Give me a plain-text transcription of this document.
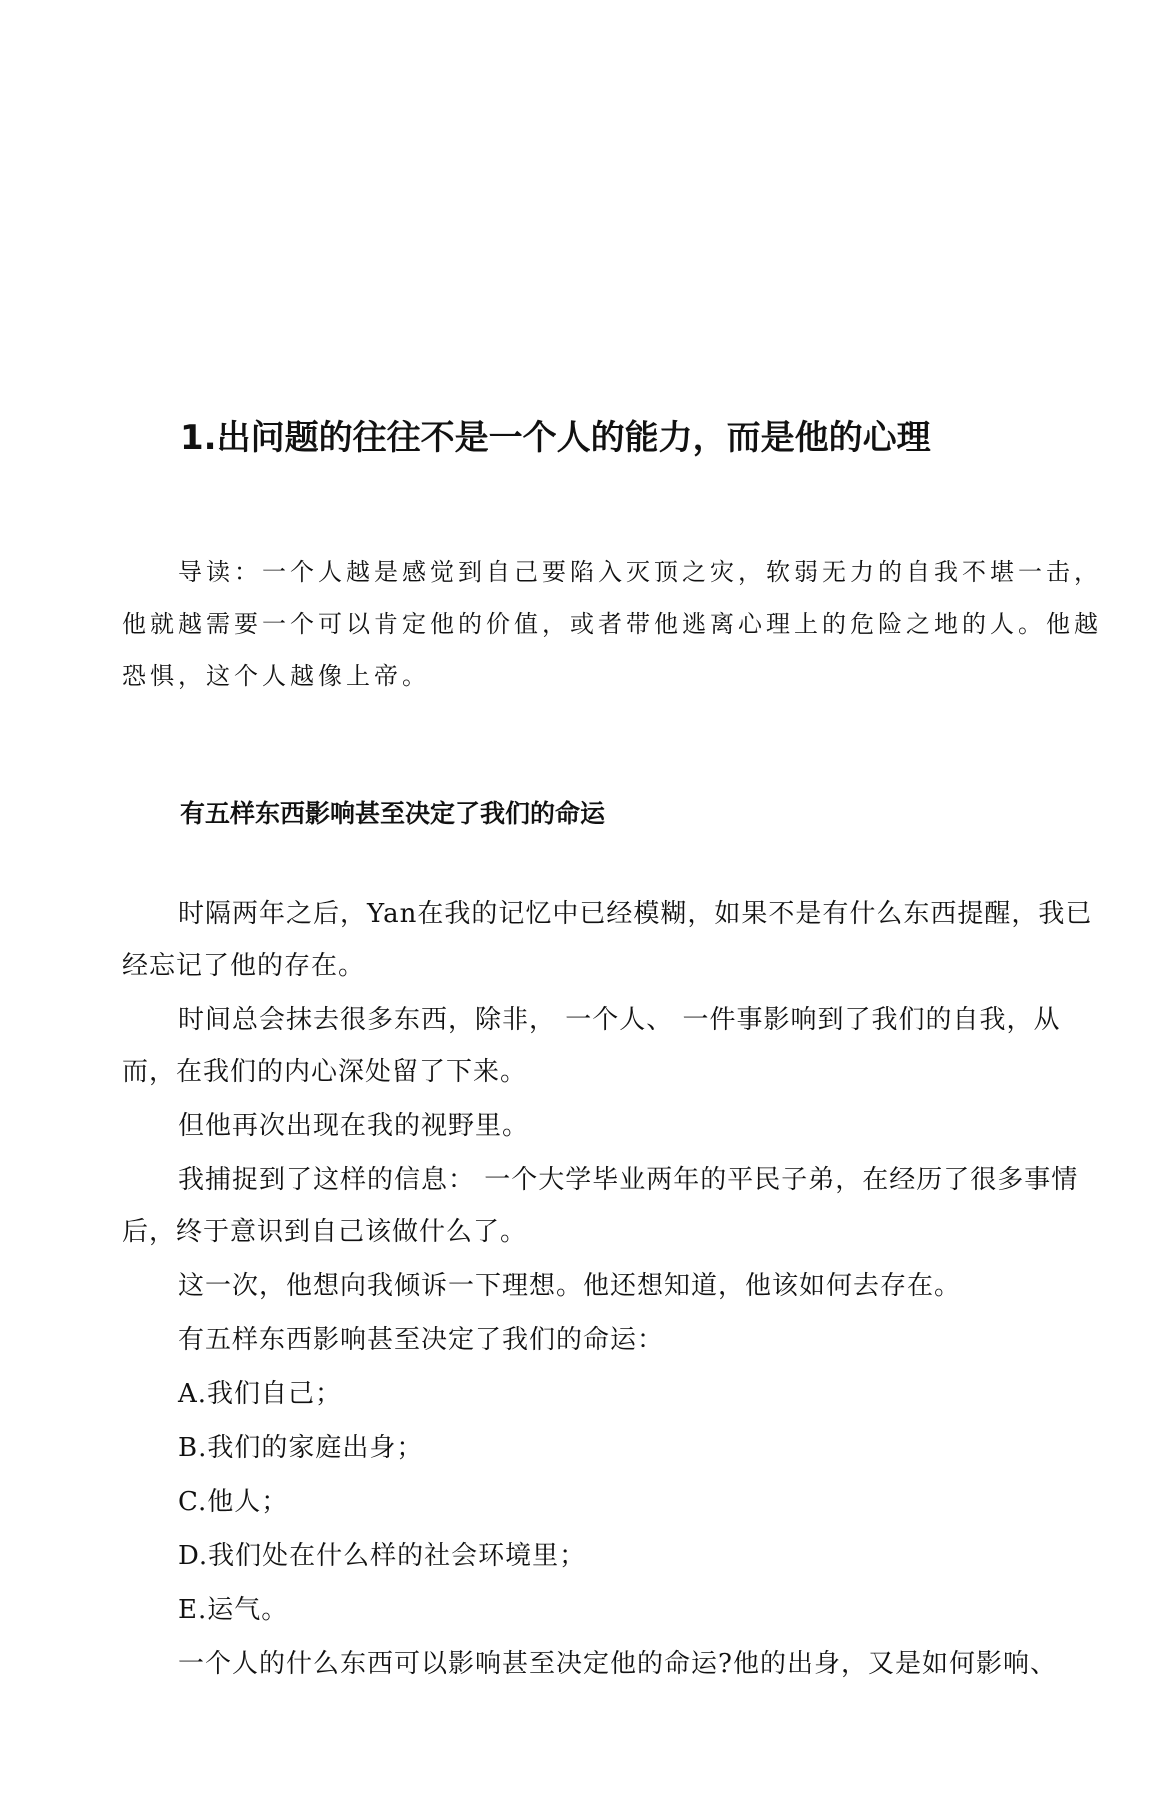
1.出问题的往往不是一个人的能力，而是他的心理

导读：一个人越是感觉到自己要陷入灭顶之灾，软弱无力的自我不堪一击，他就越需要一个可以肯定他的价值，或者带他逃离心理上的危险之地的人。他越恐惧，这个人越像上帝。

有五样东西影响甚至决定了我们的命运

时隔两年之后，Yan在我的记忆中已经模糊，如果不是有什么东西提醒，我已经忘记了他的存在。

时间总会抹去很多东西，除非， 一个人、 一件事影响到了我们的自我，从而，在我们的内心深处留了下来。

但他再次出现在我的视野里。

我捕捉到了这样的信息： 一个大学毕业两年的平民子弟，在经历了很多事情后，终于意识到自己该做什么了。

这一次，他想向我倾诉一下理想。他还想知道，他该如何去存在。

有五样东西影响甚至决定了我们的命运：

A.我们自己；

B.我们的家庭出身；

C.他人；

D.我们处在什么样的社会环境里；

E.运气。

一个人的什么东西可以影响甚至决定他的命运?他的出身，又是如何影响、
